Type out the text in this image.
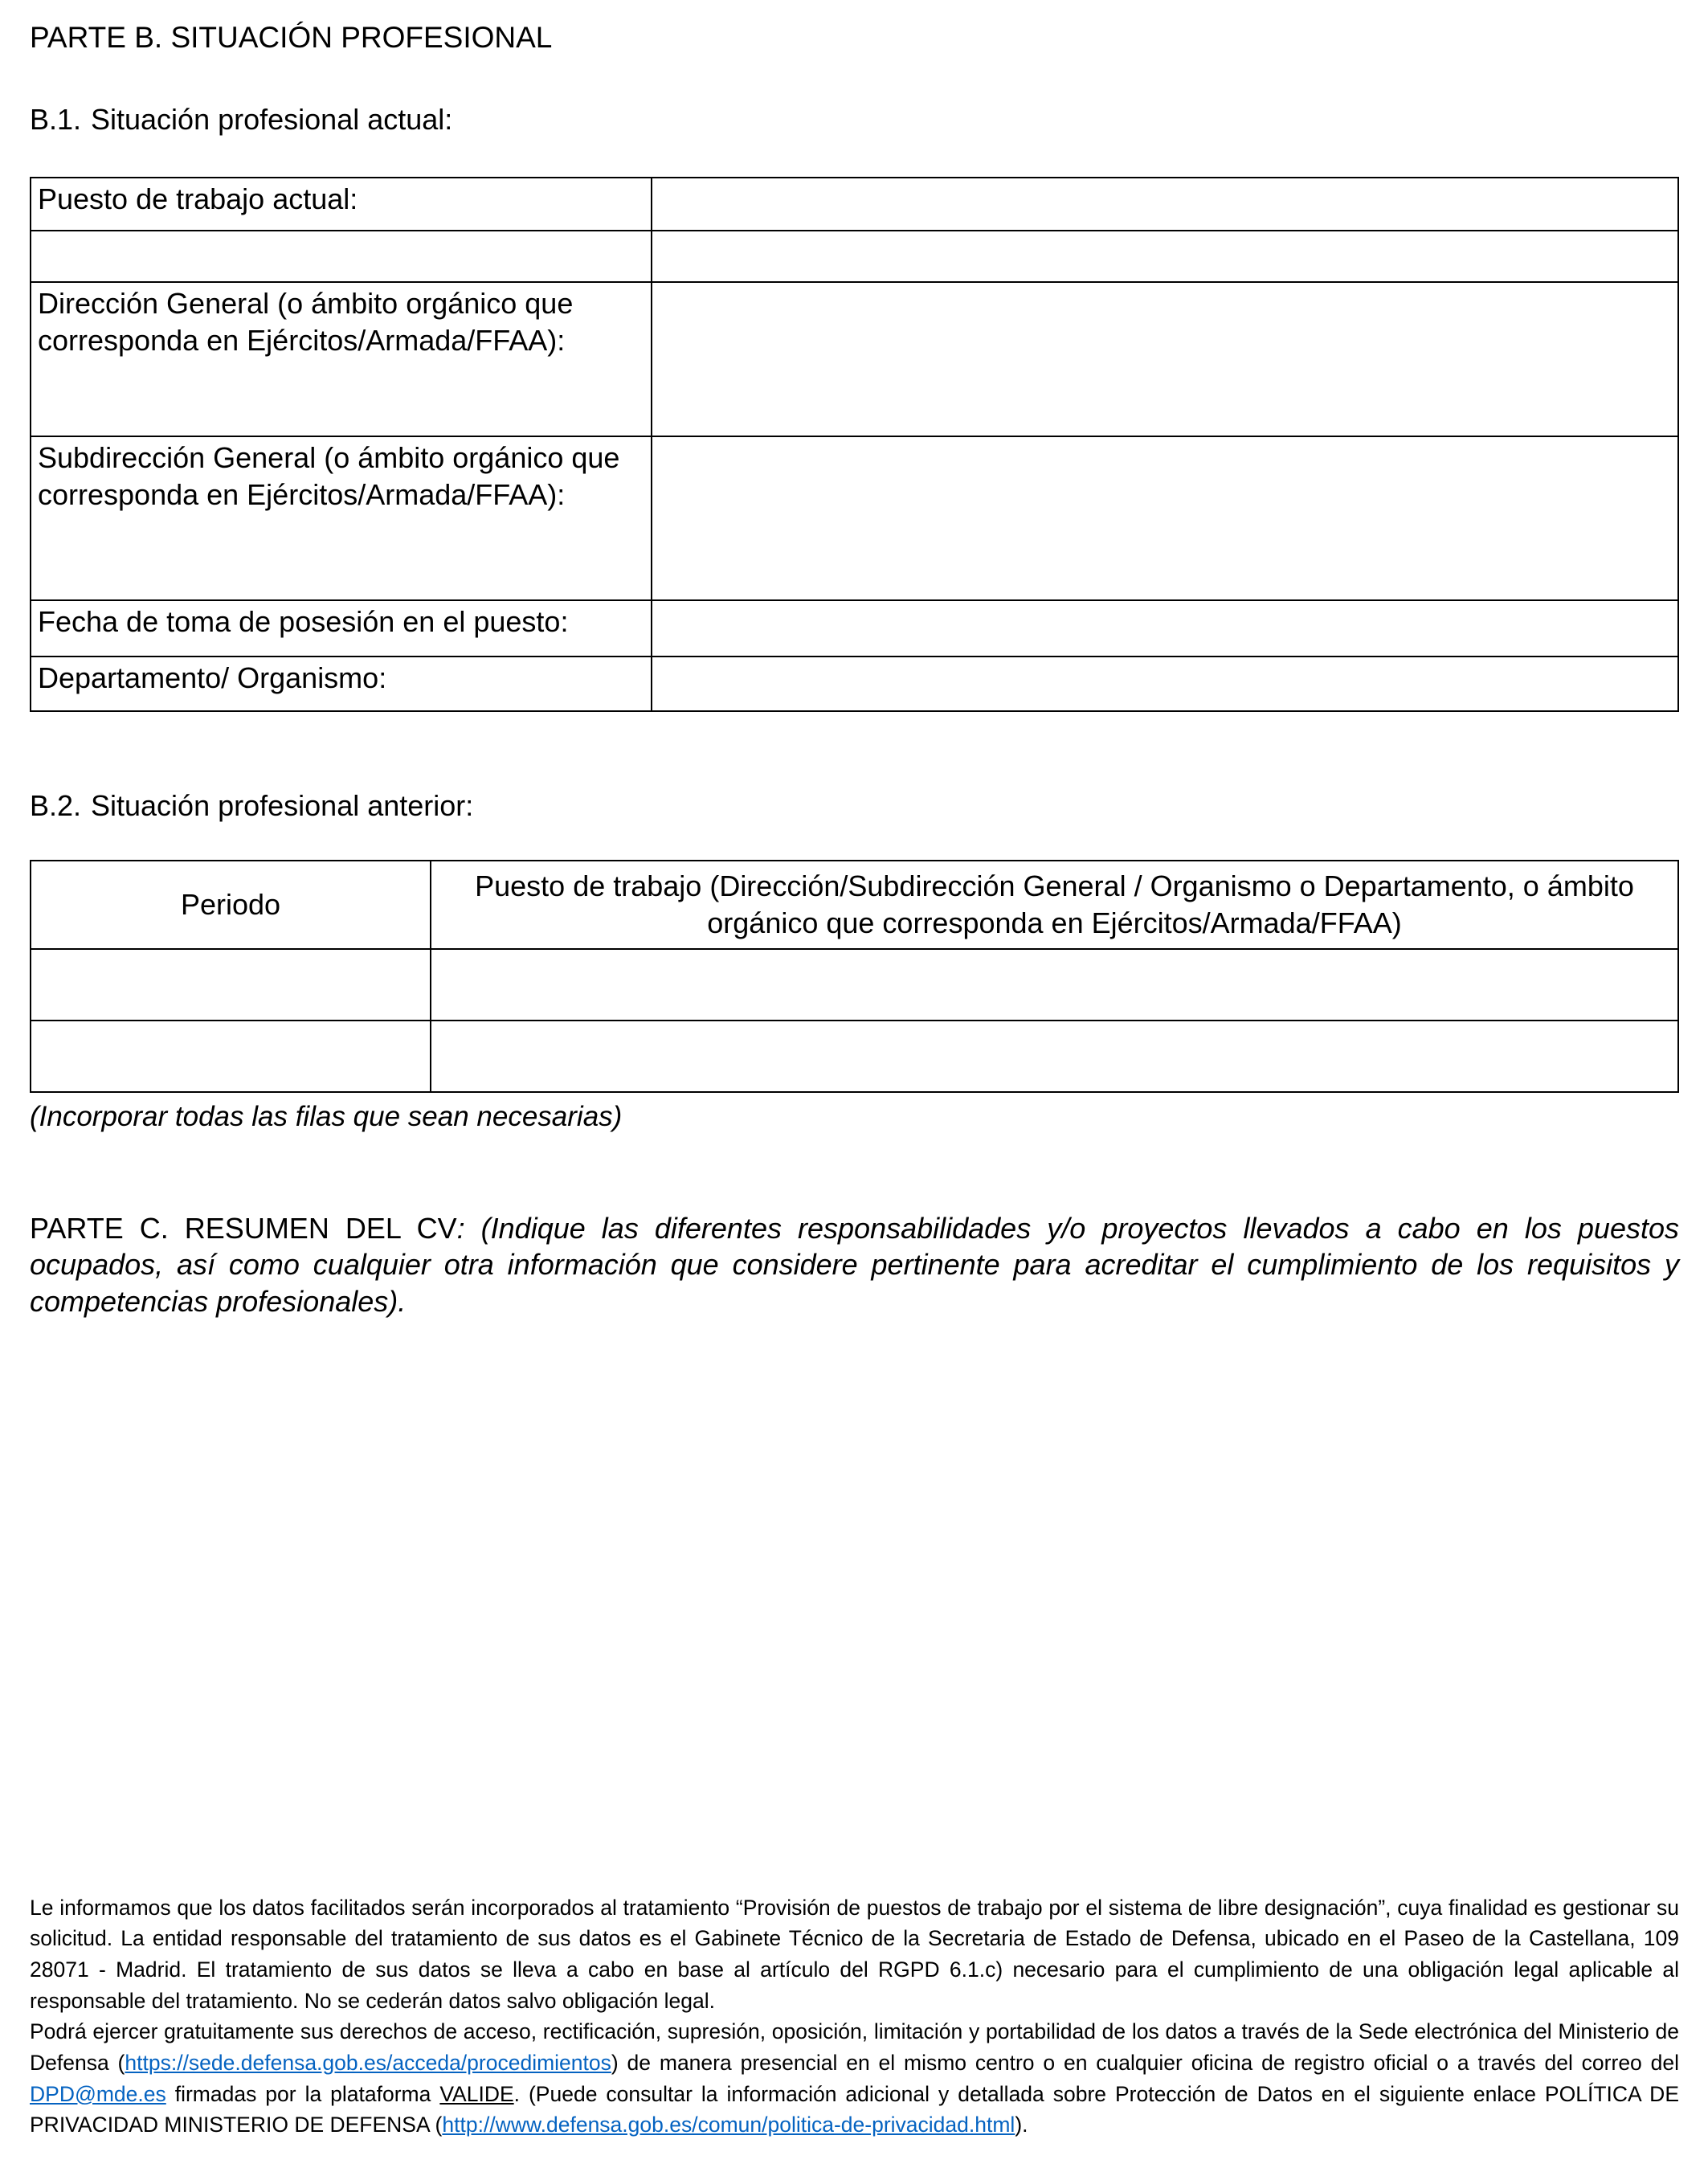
PARTE B. SITUACIÓN PROFESIONAL
B.1. Situación profesional actual:
Puesto de trabajo actual:	

Dirección General (o ámbito orgánico que corresponda en Ejércitos/Armada/FFAA):	
Subdirección General (o ámbito orgánico que corresponda en Ejércitos/Armada/FFAA):	
Fecha de toma de posesión en el puesto:	
Departamento/ Organismo:	
B.2. Situación profesional anterior:
Periodo	Puesto de trabajo (Dirección/Subdirección General / Organismo o Departamento, o ámbito orgánico que corresponda en Ejércitos/Armada/FFAA)

(Incorporar todas las filas que sean necesarias)

PARTE C. RESUMEN DEL CV: (Indique las diferentes responsabilidades y/o proyectos llevados a cabo en los puestos ocupados, así como cualquier otra información que considere pertinente para acreditar el cumplimiento de los requisitos y competencias profesionales).

Le informamos que los datos facilitados serán incorporados al tratamiento “Provisión de puestos de trabajo por el sistema de libre designación”, cuya finalidad es gestionar su solicitud. La entidad responsable del tratamiento de sus datos es el Gabinete Técnico de la Secretaria de Estado de Defensa, ubicado en el Paseo de la Castellana, 109 28071 - Madrid. El tratamiento de sus datos se lleva a cabo en base al artículo del RGPD 6.1.c) necesario para el cumplimiento de una obligación legal aplicable al responsable del tratamiento. No se cederán datos salvo obligación legal.

Podrá ejercer gratuitamente sus derechos de acceso, rectificación, supresión, oposición, limitación y portabilidad de los datos a través de la Sede electrónica del Ministerio de Defensa (https://sede.defensa.gob.es/acceda/procedimientos) de manera presencial en el mismo centro o en cualquier oficina de registro oficial o a través del correo del DPD@mde.es firmadas por la plataforma VALIDE. (Puede consultar la información adicional y detallada sobre Protección de Datos en el siguiente enlace POLÍTICA DE PRIVACIDAD MINISTERIO DE DEFENSA (http://www.defensa.gob.es/comun/politica-de-privacidad.html).
